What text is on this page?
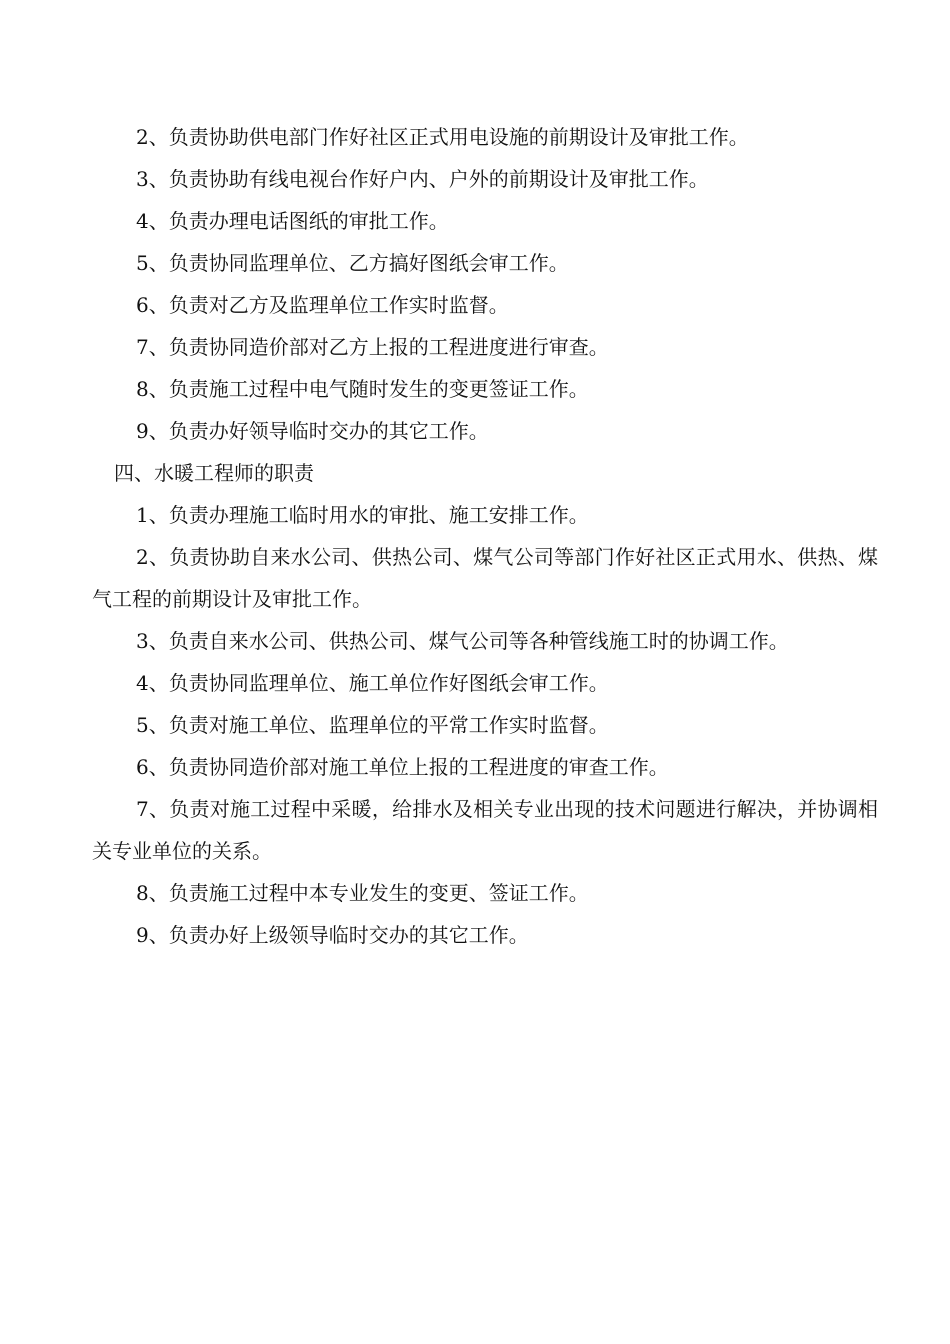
2、负责协助供电部门作好社区正式用电设施的前期设计及审批工作。

3、负责协助有线电视台作好户内、户外的前期设计及审批工作。

4、负责办理电话图纸的审批工作。

5、负责协同监理单位、乙方搞好图纸会审工作。

6、负责对乙方及监理单位工作实时监督。

7、负责协同造价部对乙方上报的工程进度进行审查。

8、负责施工过程中电气随时发生的变更签证工作。

9、负责办好领导临时交办的其它工作。

四、水暖工程师的职责

1、负责办理施工临时用水的审批、施工安排工作。

2、负责协助自来水公司、供热公司、煤气公司等部门作好社区正式用水、供热、煤气工程的前期设计及审批工作。

3、负责自来水公司、供热公司、煤气公司等各种管线施工时的协调工作。

4、负责协同监理单位、施工单位作好图纸会审工作。

5、负责对施工单位、监理单位的平常工作实时监督。

6、负责协同造价部对施工单位上报的工程进度的审查工作。

7、负责对施工过程中采暖，给排水及相关专业出现的技术问题进行解决，并协调相关专业单位的关系。

8、负责施工过程中本专业发生的变更、签证工作。

9、负责办好上级领导临时交办的其它工作。
